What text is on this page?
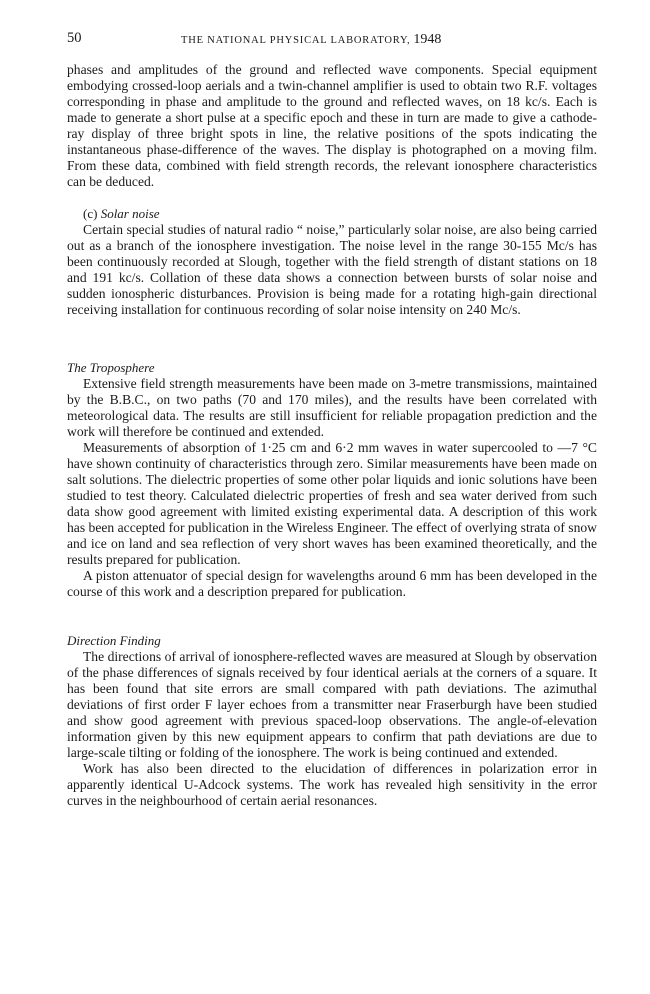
50	THE NATIONAL PHYSICAL LABORATORY, 1948

phases and amplitudes of the ground and reflected wave components. Special equipment embodying crossed-loop aerials and a twin-channel amplifier is used to obtain two R.F. voltages corresponding in phase and amplitude to the ground and reflected waves, on 18 kc/s. Each is made to generate a short pulse at a specific epoch and these in turn are made to give a cathode-ray display of three bright spots in line, the relative positions of the spots indicating the instantaneous phase-difference of the waves. The display is photographed on a moving film. From these data, combined with field strength records, the relevant ionosphere characteristics can be deduced.

(c) Solar noise

Certain special studies of natural radio “ noise,” particularly solar noise, are also being carried out as a branch of the ionosphere investigation. The noise level in the range 30-155 Mc/s has been continuously recorded at Slough, together with the field strength of distant stations on 18 and 191 kc/s. Collation of these data shows a connection between bursts of solar noise and sudden ionospheric disturbances. Provision is being made for a rotating high-gain directional receiving installation for continuous recording of solar noise intensity on 240 Mc/s.

The Troposphere

Extensive field strength measurements have been made on 3-metre transmissions, maintained by the B.B.C., on two paths (70 and 170 miles), and the results have been correlated with meteorological data. The results are still insufficient for reliable propagation prediction and the work will therefore be continued and extended.

Measurements of absorption of 1·25 cm and 6·2 mm waves in water supercooled to —7 °C have shown continuity of characteristics through zero. Similar measurements have been made on salt solutions. The dielectric properties of some other polar liquids and ionic solutions have been studied to test theory. Calculated dielectric properties of fresh and sea water derived from such data show good agreement with limited existing experimental data. A description of this work has been accepted for publication in the Wireless Engineer. The effect of overlying strata of snow and ice on land and sea reflection of very short waves has been examined theoretically, and the results prepared for publication.

A piston attenuator of special design for wavelengths around 6 mm has been developed in the course of this work and a description prepared for publication.

Direction Finding

The directions of arrival of ionosphere-reflected waves are measured at Slough by observation of the phase differences of signals received by four identical aerials at the corners of a square. It has been found that site errors are small compared with path deviations. The azimuthal deviations of first order F layer echoes from a transmitter near Fraserburgh have been studied and show good agreement with previous spaced-loop observations. The angle-of-elevation information given by this new equipment appears to confirm that path deviations are due to large-scale tilting or folding of the ionosphere. The work is being continued and extended.

Work has also been directed to the elucidation of differences in polarization error in apparently identical U-Adcock systems. The work has revealed high sensitivity in the error curves in the neighbourhood of certain aerial resonances.
